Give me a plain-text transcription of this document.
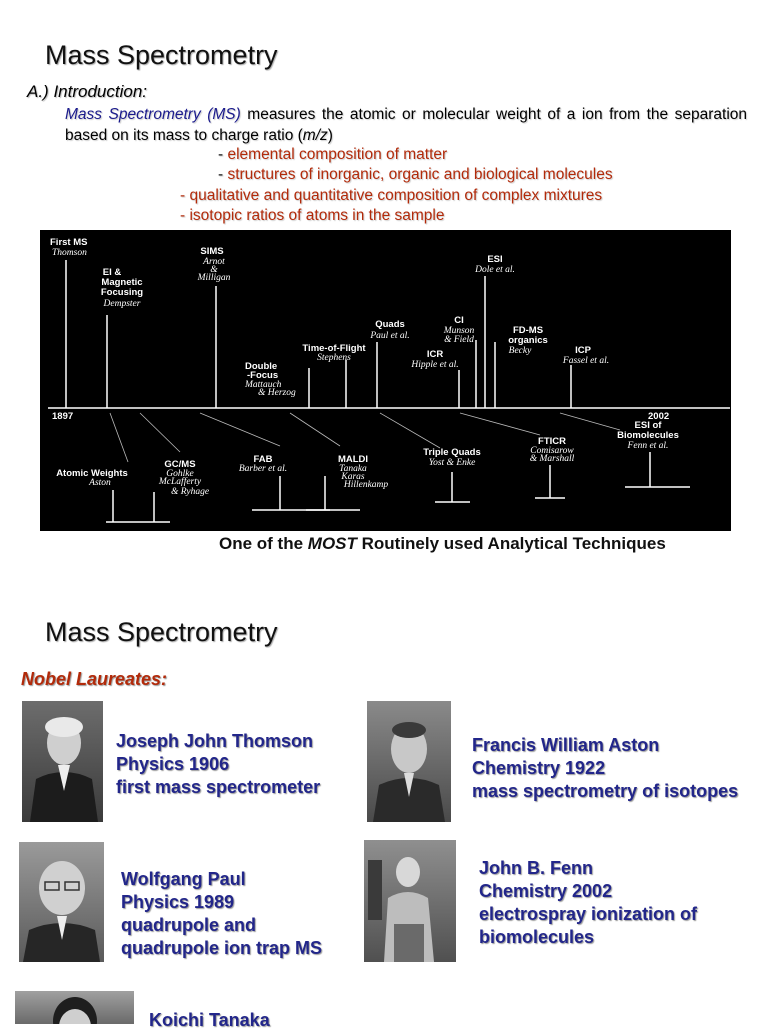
Mass Spectrometry
A.) Introduction:
Mass Spectrometry (MS) measures the atomic or molecular weight of a ion from the separation based on its mass to charge ratio (m/z)
- elemental composition of matter
- structures of inorganic, organic and biological molecules
- qualitative and quantitative composition of complex mixtures
- isotopic ratios of atoms in the sample
1897	2002
First MS
Thomson
EI &
Magnetic
Focusing
Dempster
SIMS
Arnot
&
Milligan
Double
-Focus
Mattauch
& Herzog
Time-of-Flight
Stephens
Quads
Paul et al.
CI
Munson
& Field
ICR
Hipple et al.
ESI
Dole et al.
FD-MS
organics
Becky	ICP
Fassel et al.
Atomic Weights
Aston
GC/MS
Gohlke
McLafferty
& Ryhage
FAB
Barber et al.
MALDI
Tanaka
Karas
Hillenkamp
Triple Quads
Yost & Enke
FTICR
Comisarow
& Marshall
ESI of
Biomolecules
Fenn et al.
One of the MOST Routinely used Analytical Techniques
Mass Spectrometry
Nobel Laureates:
Joseph John Thomson
Physics 1906
first mass spectrometer
Francis William Aston
Chemistry 1922
mass spectrometry of isotopes
Wolfgang Paul
Physics 1989
quadrupole and
quadrupole ion trap MS
John B. Fenn
Chemistry 2002
electrospray ionization of
biomolecules
Koichi Tanaka
